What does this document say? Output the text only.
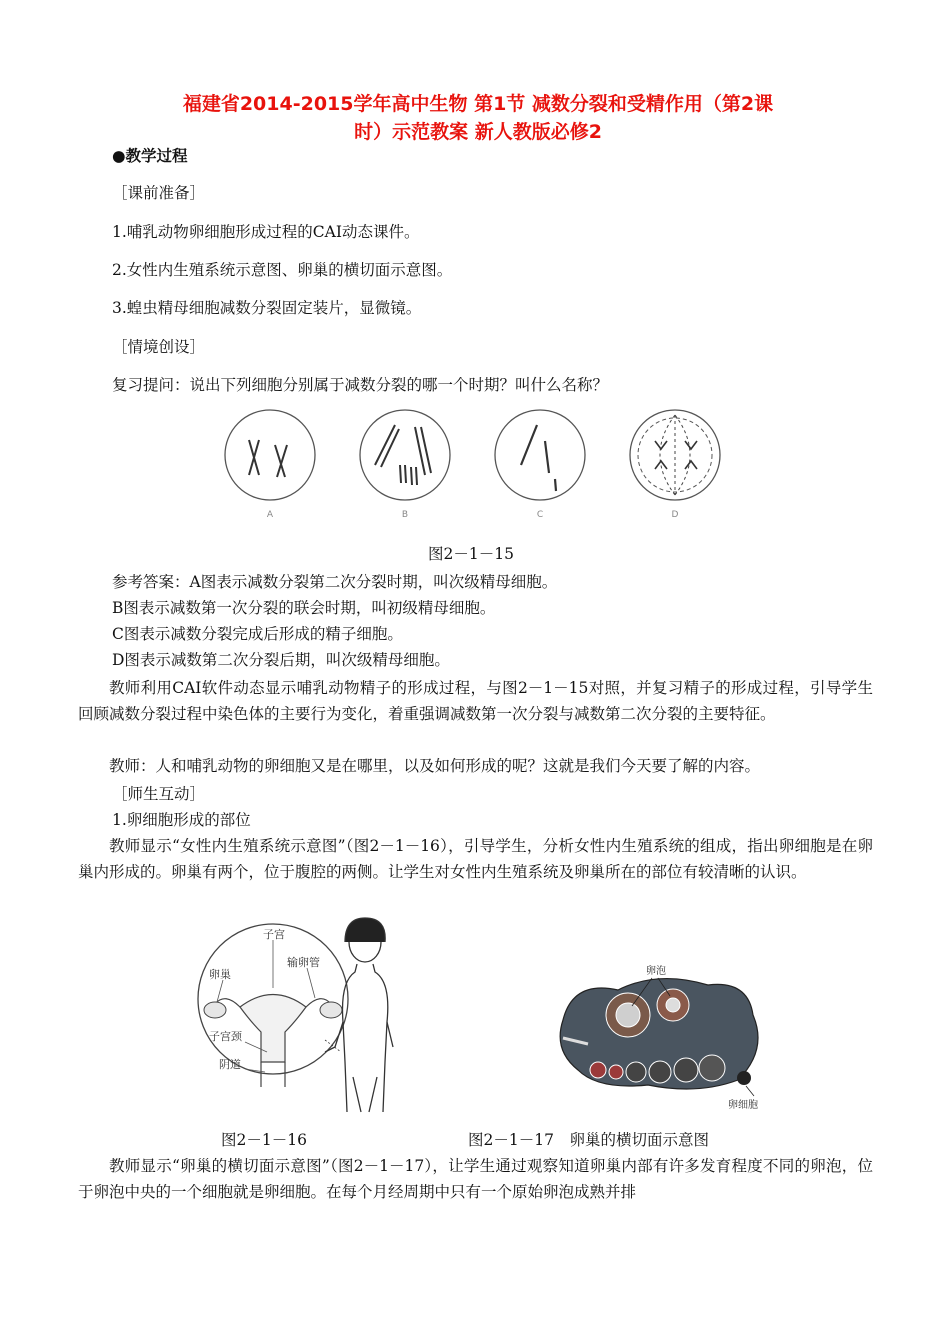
福建省2014-2015学年高中生物 第1节 减数分裂和受精作用（第2课
时）示范教案 新人教版必修2
●教学过程
［课前准备］
1.哺乳动物卵细胞形成过程的CAI动态课件。
2.女性内生殖系统示意图、卵巢的横切面示意图。
3.蝗虫精母细胞减数分裂固定装片，显微镜。
［情境创设］
复习提问：说出下列细胞分别属于减数分裂的哪一个时期？叫什么名称？
A	B	C	D
图2－1－15
参考答案：A图表示减数分裂第二次分裂时期，叫次级精母细胞。
B图表示减数第一次分裂的联会时期，叫初级精母细胞。
C图表示减数分裂完成后形成的精子细胞。
D图表示减数第二次分裂后期，叫次级精母细胞。
教师利用CAI软件动态显示哺乳动物精子的形成过程，与图2－1－15对照，并复习精子的形成过程，引导学生回顾减数分裂过程中染色体的主要行为变化，着重强调减数第一次分裂与减数第二次分裂的主要特征。
教师：人和哺乳动物的卵细胞又是在哪里，以及如何形成的呢？这就是我们今天要了解的内容。
［师生互动］
1.卵细胞形成的部位
教师显示“女性内生殖系统示意图”（图2－1－16），引导学生，分析女性内生殖系统的组成，指出卵细胞是在卵巢内形成的。卵巢有两个，位于腹腔的两侧。让学生对女性内生殖系统及卵巢所在的部位有较清晰的认识。
子宫
卵巢
输卵管
子宫颈
阴道
卵泡
卵细胞
图2－1－16	图2－1－17　卵巢的横切面示意图
教师显示“卵巢的横切面示意图”（图2－1－17），让学生通过观察知道卵巢内部有许多发育程度不同的卵泡，位于卵泡中央的一个细胞就是卵细胞。在每个月经周期中只有一个原始卵泡成熟并排
